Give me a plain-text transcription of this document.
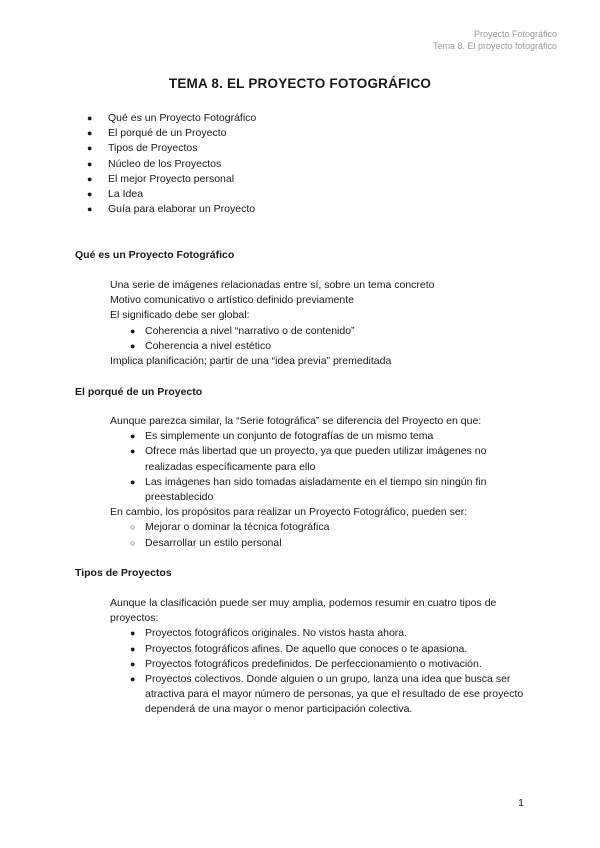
Proyecto Fotográfico
Tema 8. El proyecto fotográfico
TEMA 8. EL PROYECTO FOTOGRÁFICO
● Qué es un Proyecto Fotográfico
● El porqué de un Proyecto
● Tipos de Proyectos
● Núcleo de los Proyectos
● El mejor Proyecto personal
● La Idea
● Guía para elaborar un Proyecto
Qué es un Proyecto Fotográfico

Una serie de imágenes relacionadas entre sí, sobre un tema concreto

Motivo comunicativo o artístico definido previamente

El significado debe ser global:

● Coherencia a nivel “narrativo o de contenido”
● Coherencia a nivel estético

Implica planificación; partir de una “idea previa” premeditada

El porqué de un Proyecto

Aunque parezca similar, la “Serie fotográfica” se diferencia del Proyecto en que:

● Es simplemente un conjunto de fotografías de un mismo tema
● Ofrece más libertad que un proyecto, ya que pueden utilizar imágenes no realizadas específicamente para ello
● Las imágenes han sido tomadas aisladamente en el tiempo sin ningún fin preestablecido

En cambio, los propósitos para realizar un Proyecto Fotográfico, pueden ser:

○ Mejorar o dominar la técnica fotográfica
○ Desarrollar un estilo personal
Tipos de Proyectos

Aunque la clasificación puede ser muy amplia, podemos resumir en cuatro tipos de proyectos:

● Proyectos fotográficos originales. No vistos hasta ahora.
● Proyectos fotográficos afines. De aquello que conoces o te apasiona.
● Proyectos fotográficos predefinidos. De perfeccionamiento o motivación.
● Proyectos colectivos. Donde alguien o un grupo, lanza una idea que busca ser atractiva para el mayor número de personas, ya que el resultado de ese proyecto dependerá de una mayor o menor participación colectiva.
1
